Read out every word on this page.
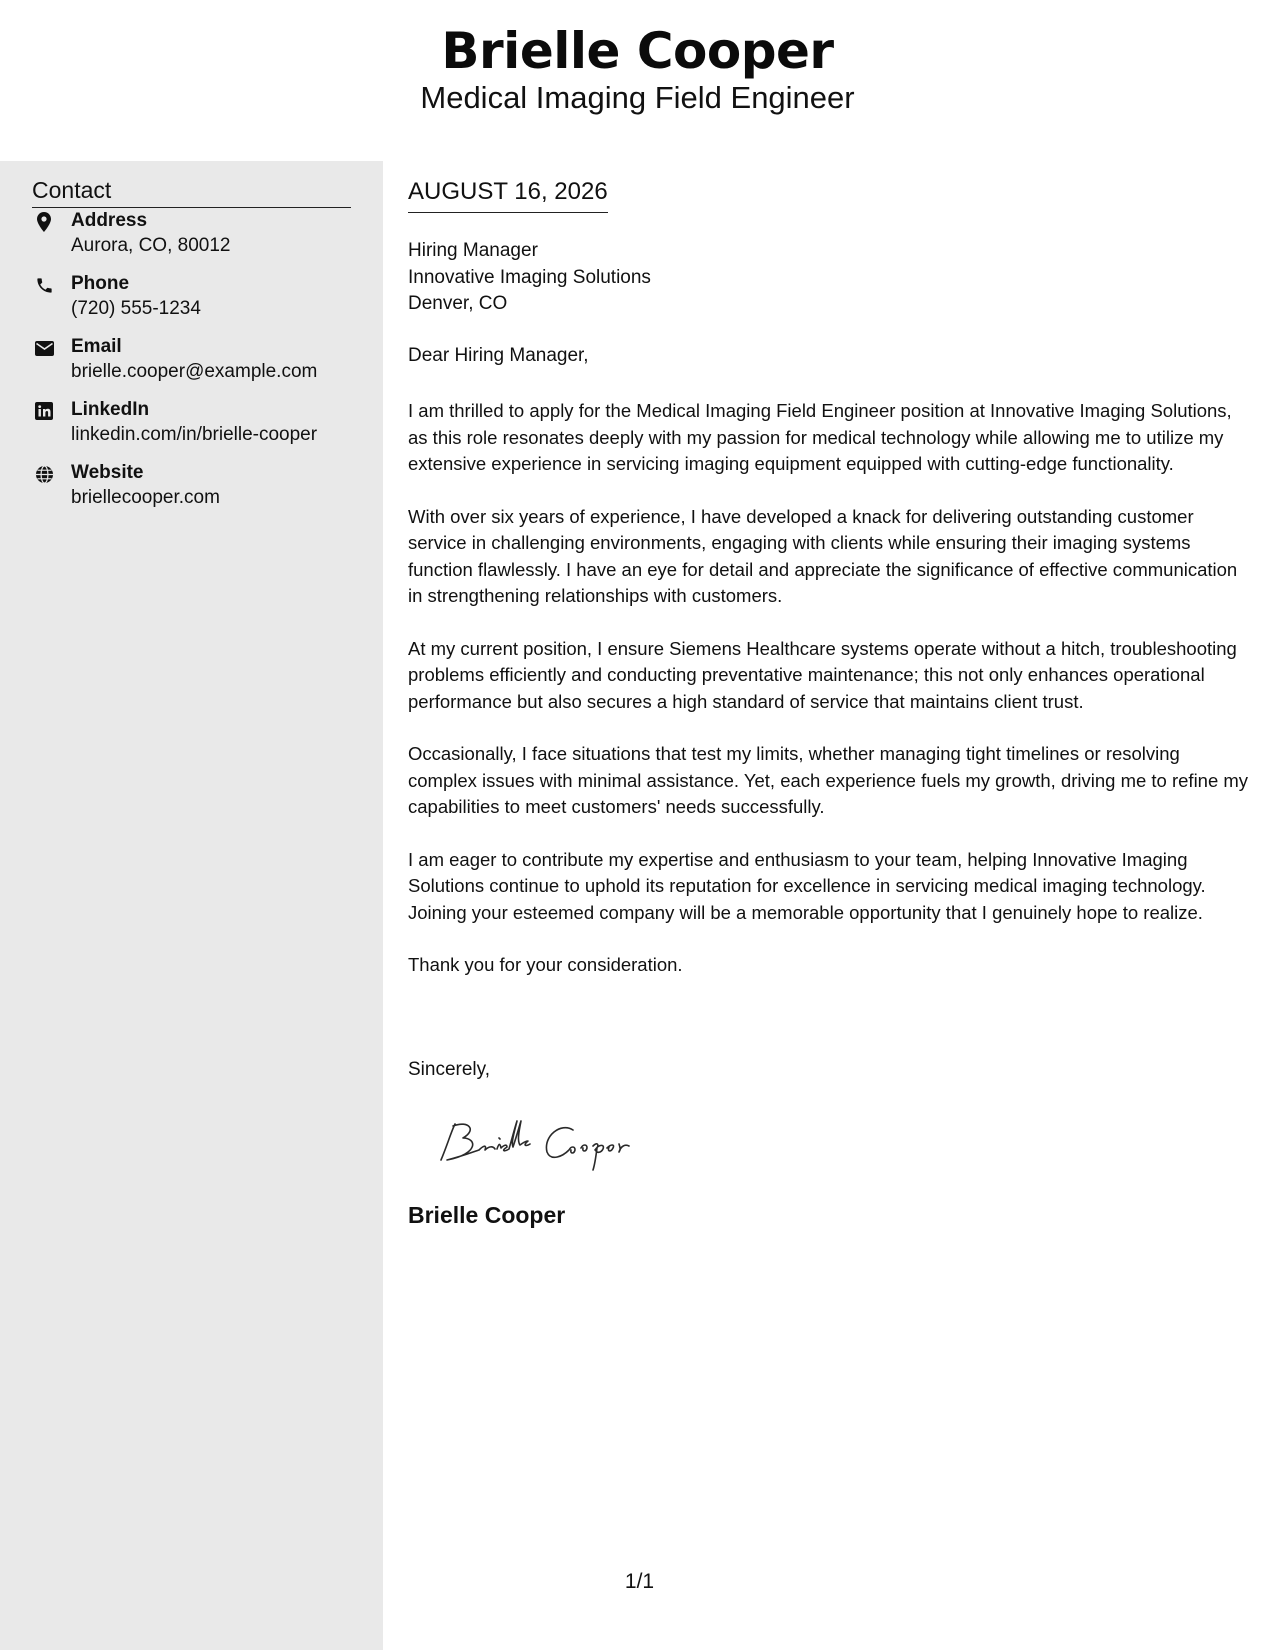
Brielle Cooper
Medical Imaging Field Engineer
Contact
Address
Aurora, CO, 80012
Phone
(720) 555-1234
Email
brielle.cooper@example.com
LinkedIn
linkedin.com/in/brielle-cooper
Website
briellecooper.com
AUGUST 16, 2026
Hiring Manager
Innovative Imaging Solutions
Denver, CO
Dear Hiring Manager,

I am thrilled to apply for the Medical Imaging Field Engineer position at Innovative Imaging Solutions, as this role resonates deeply with my passion for medical technology while allowing me to utilize my extensive experience in servicing imaging equipment equipped with cutting-edge functionality.

With over six years of experience, I have developed a knack for delivering outstanding customer service in challenging environments, engaging with clients while ensuring their imaging systems function flawlessly. I have an eye for detail and appreciate the significance of effective communication in strengthening relationships with customers.

At my current position, I ensure Siemens Healthcare systems operate without a hitch, troubleshooting problems efficiently and conducting preventative maintenance; this not only enhances operational performance but also secures a high standard of service that maintains client trust.

Occasionally, I face situations that test my limits, whether managing tight timelines or resolving complex issues with minimal assistance. Yet, each experience fuels my growth, driving me to refine my capabilities to meet customers' needs successfully.

I am eager to contribute my expertise and enthusiasm to your team, helping Innovative Imaging Solutions continue to uphold its reputation for excellence in servicing medical imaging technology. Joining your esteemed company will be a memorable opportunity that I genuinely hope to realize.

Thank you for your consideration.

Sincerely,
Brielle Cooper
1/1
